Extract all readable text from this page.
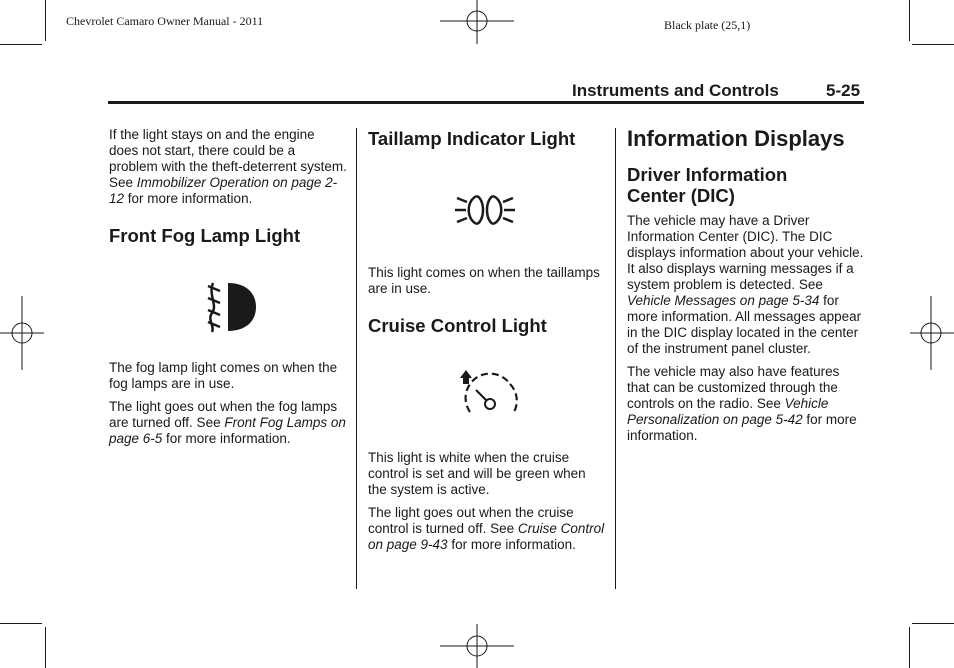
Chevrolet Camaro Owner Manual - 2011	Black plate (25,1)
Instruments and Controls	5-25

If the light stays on and the engine does not start, there could be a problem with the theft-deterrent system. See Immobilizer Operation on page 2-12 for more information.

Front Fog Lamp Light

The fog lamp light comes on when the fog lamps are in use.

The light goes out when the fog lamps are turned off. See Front Fog Lamps on page 6-5 for more information.

Taillamp Indicator Light

This light comes on when the taillamps are in use.

Cruise Control Light

This light is white when the cruise control is set and will be green when the system is active.

The light goes out when the cruise control is turned off. See Cruise Control on page 9-43 for more information.

Information Displays
Driver Information Center (DIC)

The vehicle may have a Driver Information Center (DIC). The DIC displays information about your vehicle. It also displays warning messages if a system problem is detected. See Vehicle Messages on page 5-34 for more information. All messages appear in the DIC display located in the center of the instrument panel cluster.

The vehicle may also have features that can be customized through the controls on the radio. See Vehicle Personalization on page 5-42 for more information.
